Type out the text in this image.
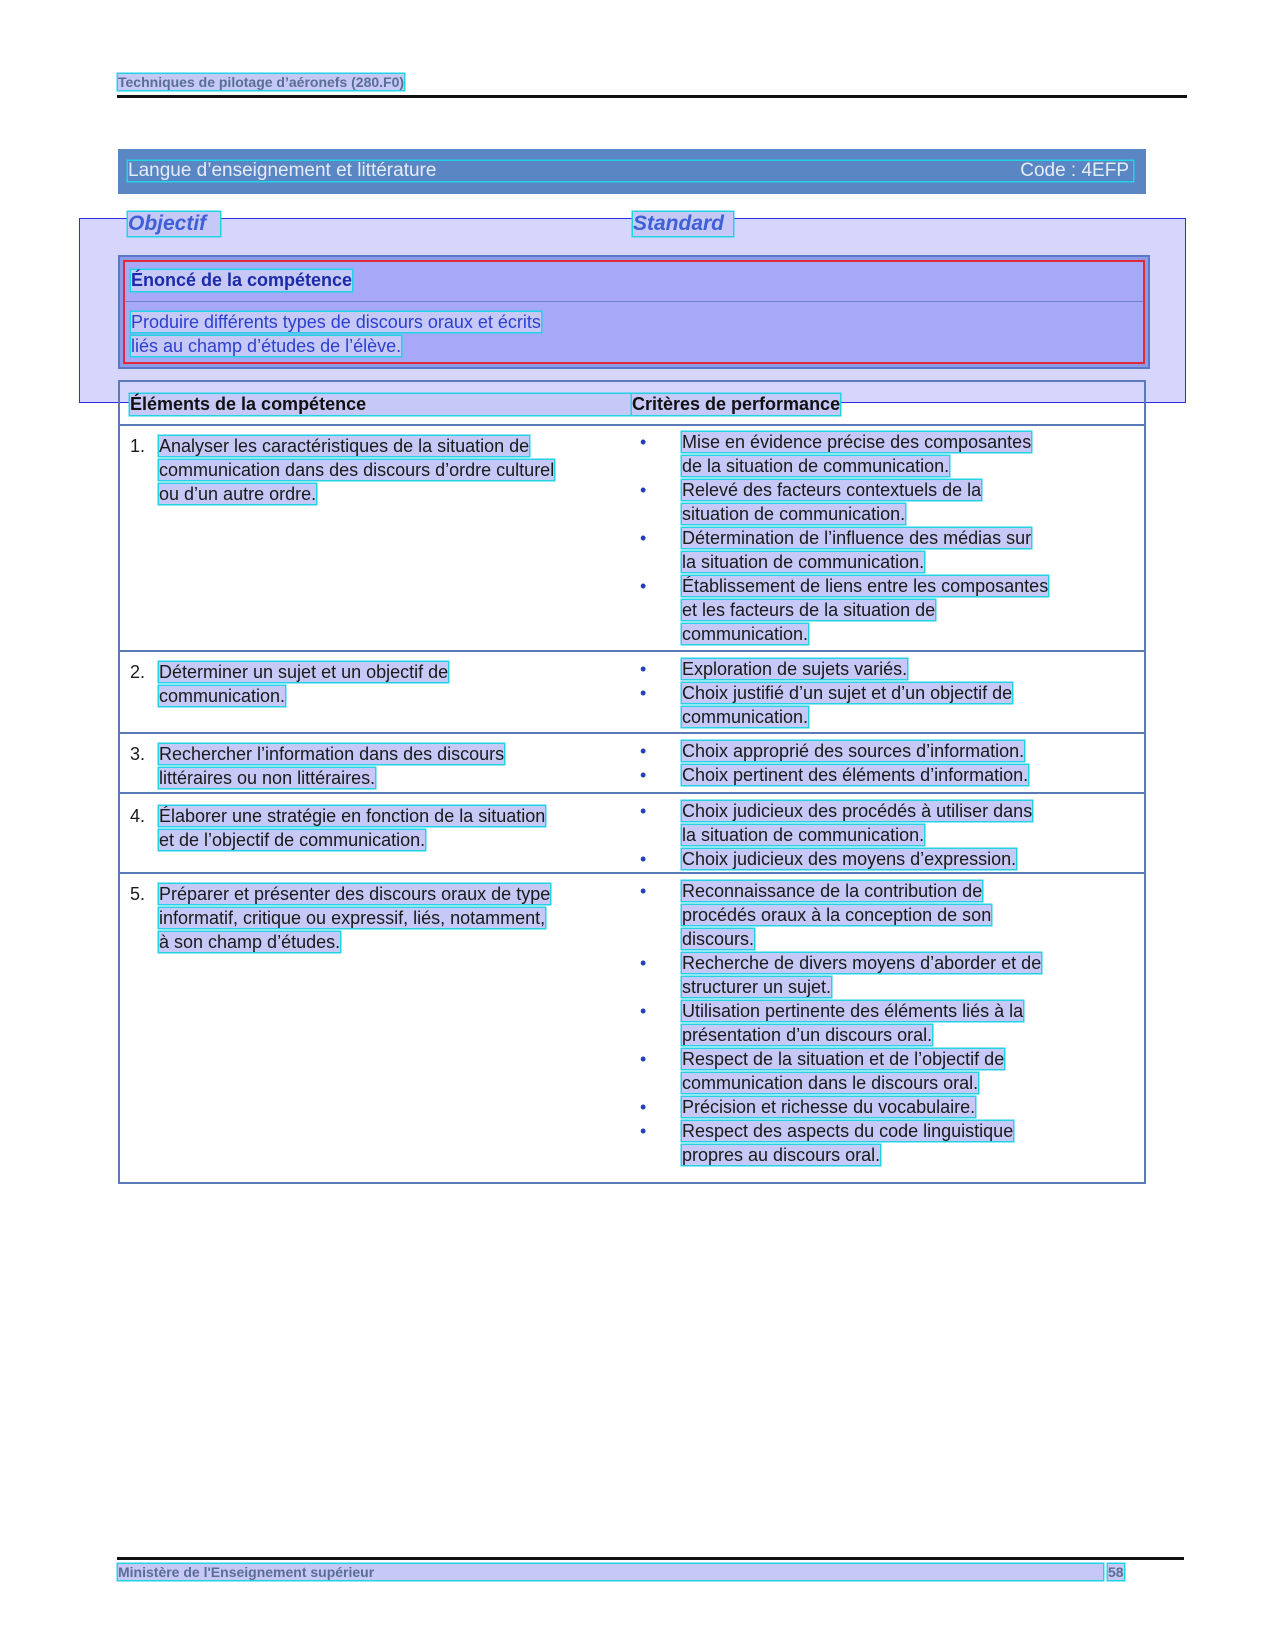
Techniques de pilotage d’aéronefs (280.F0)
Langue d’enseignement et littérature	Code : 4EFP
Objectif	Standard
Énoncé de la compétence
Produire différents types de discours oraux et écrits
liés au champ d’études de l’élève.
Éléments de la compétence	Critères de performance
1. Analyser les caractéristiques de la situation de
communication dans des discours d’ordre culturel
ou d’un autre ordre.
• Mise en évidence précise des composantes
de la situation de communication.
• Relevé des facteurs contextuels de la
situation de communication.
• Détermination de l’influence des médias sur
la situation de communication.
• Établissement de liens entre les composantes
et les facteurs de la situation de
communication.
2. Déterminer un sujet et un objectif de
communication.
• Exploration de sujets variés.
• Choix justifié d’un sujet et d’un objectif de
communication.
3. Rechercher l’information dans des discours
littéraires ou non littéraires.
• Choix approprié des sources d’information.
• Choix pertinent des éléments d’information.
4. Élaborer une stratégie en fonction de la situation
et de l’objectif de communication.
• Choix judicieux des procédés à utiliser dans
la situation de communication.
• Choix judicieux des moyens d’expression.
5. Préparer et présenter des discours oraux de type
informatif, critique ou expressif, liés, notamment,
à son champ d’études.
• Reconnaissance de la contribution de
procédés oraux à la conception de son
discours.
• Recherche de divers moyens d’aborder et de
structurer un sujet.
• Utilisation pertinente des éléments liés à la
présentation d’un discours oral.
• Respect de la situation et de l’objectif de
communication dans le discours oral.
• Précision et richesse du vocabulaire.
• Respect des aspects du code linguistique
propres au discours oral.
Ministère de l'Enseignement supérieur	58
